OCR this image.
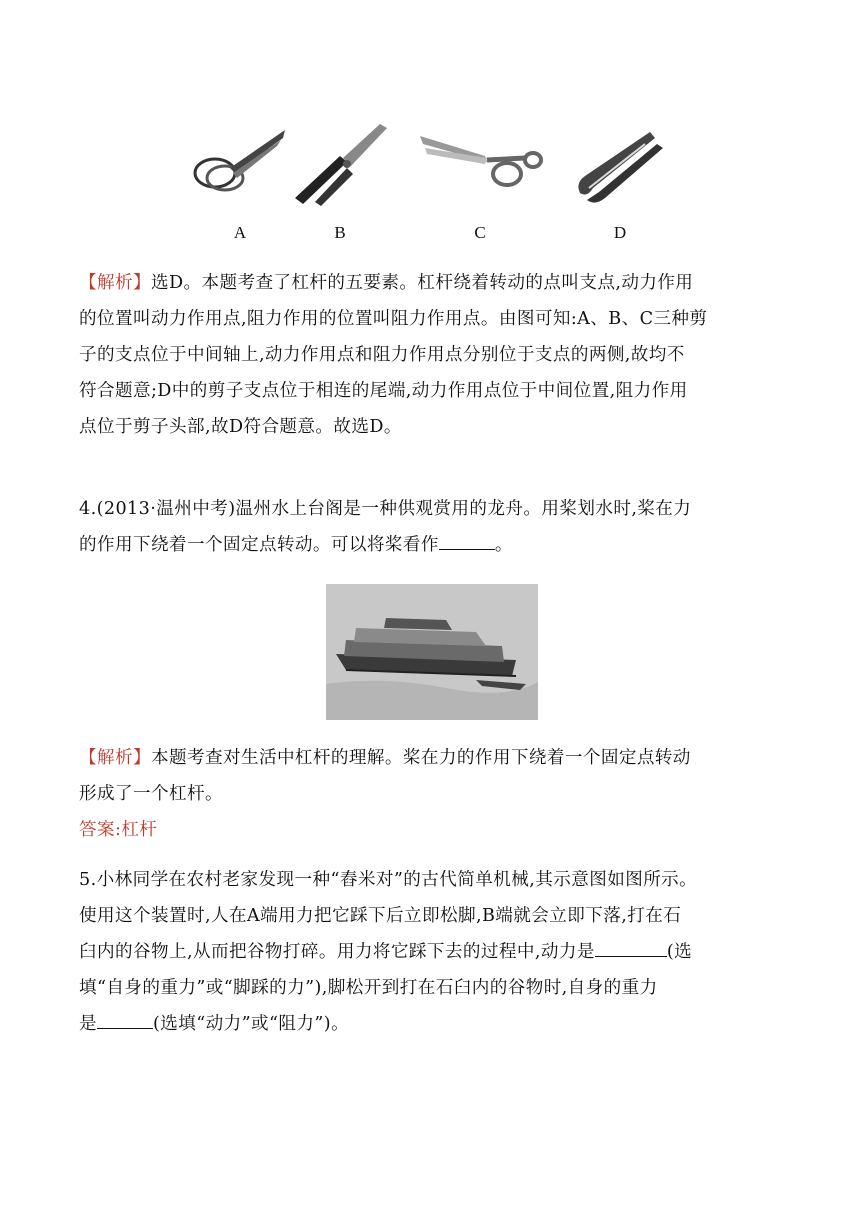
A	B	C	D

【解析】选D。本题考查了杠杆的五要素。杠杆绕着转动的点叫支点,动力作用
的位置叫动力作用点,阻力作用的位置叫阻力作用点。由图可知:A、B、C三种剪
子的支点位于中间轴上,动力作用点和阻力作用点分别位于支点的两侧,故均不
符合题意;D中的剪子支点位于相连的尾端,动力作用点位于中间位置,阻力作用
点位于剪子头部,故D符合题意。故选D。

4.(2013·温州中考)温州水上台阁是一种供观赏用的龙舟。用桨划水时,桨在力
的作用下绕着一个固定点转动。可以将桨看作	。

【解析】本题考查对生活中杠杆的理解。桨在力的作用下绕着一个固定点转动
形成了一个杠杆。

答案:杠杆

5.小林同学在农村老家发现一种“舂米对”的古代简单机械,其示意图如图所示。
使用这个装置时,人在A端用力把它踩下后立即松脚,B端就会立即下落,打在石
臼内的谷物上,从而把谷物打碎。用力将它踩下去的过程中,动力是	(选
填“自身的重力”或“脚踩的力”),脚松开到打在石臼内的谷物时,自身的重力
是	(选填“动力”或“阻力”)。
